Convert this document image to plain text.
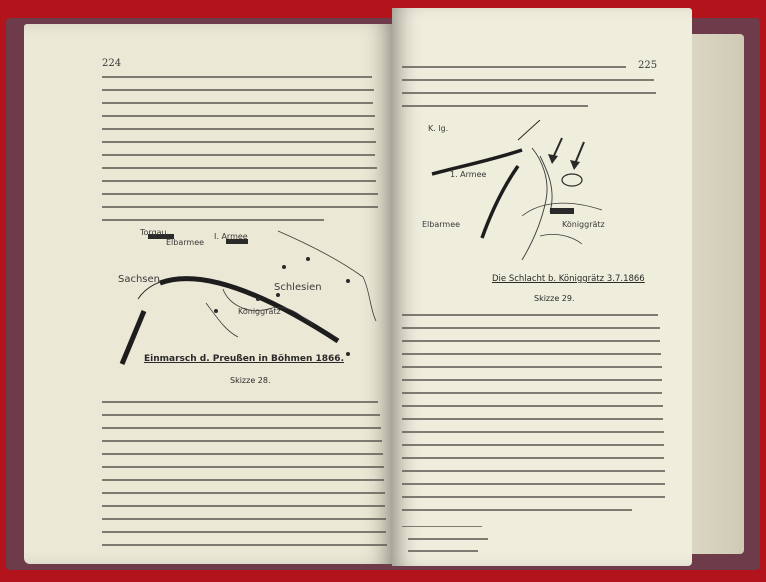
224
Torgau
Elbarmee
I. Armee
Sachsen
Schlesien
Königgrätz
Einmarsch d. Preußen in Böhmen 1866.
Skizze 28.
225
K. lg.
1. Armee
Elbarmee	Königgrätz
Die Schlacht b. Königgrätz 3.7.1866
Skizze 29.
